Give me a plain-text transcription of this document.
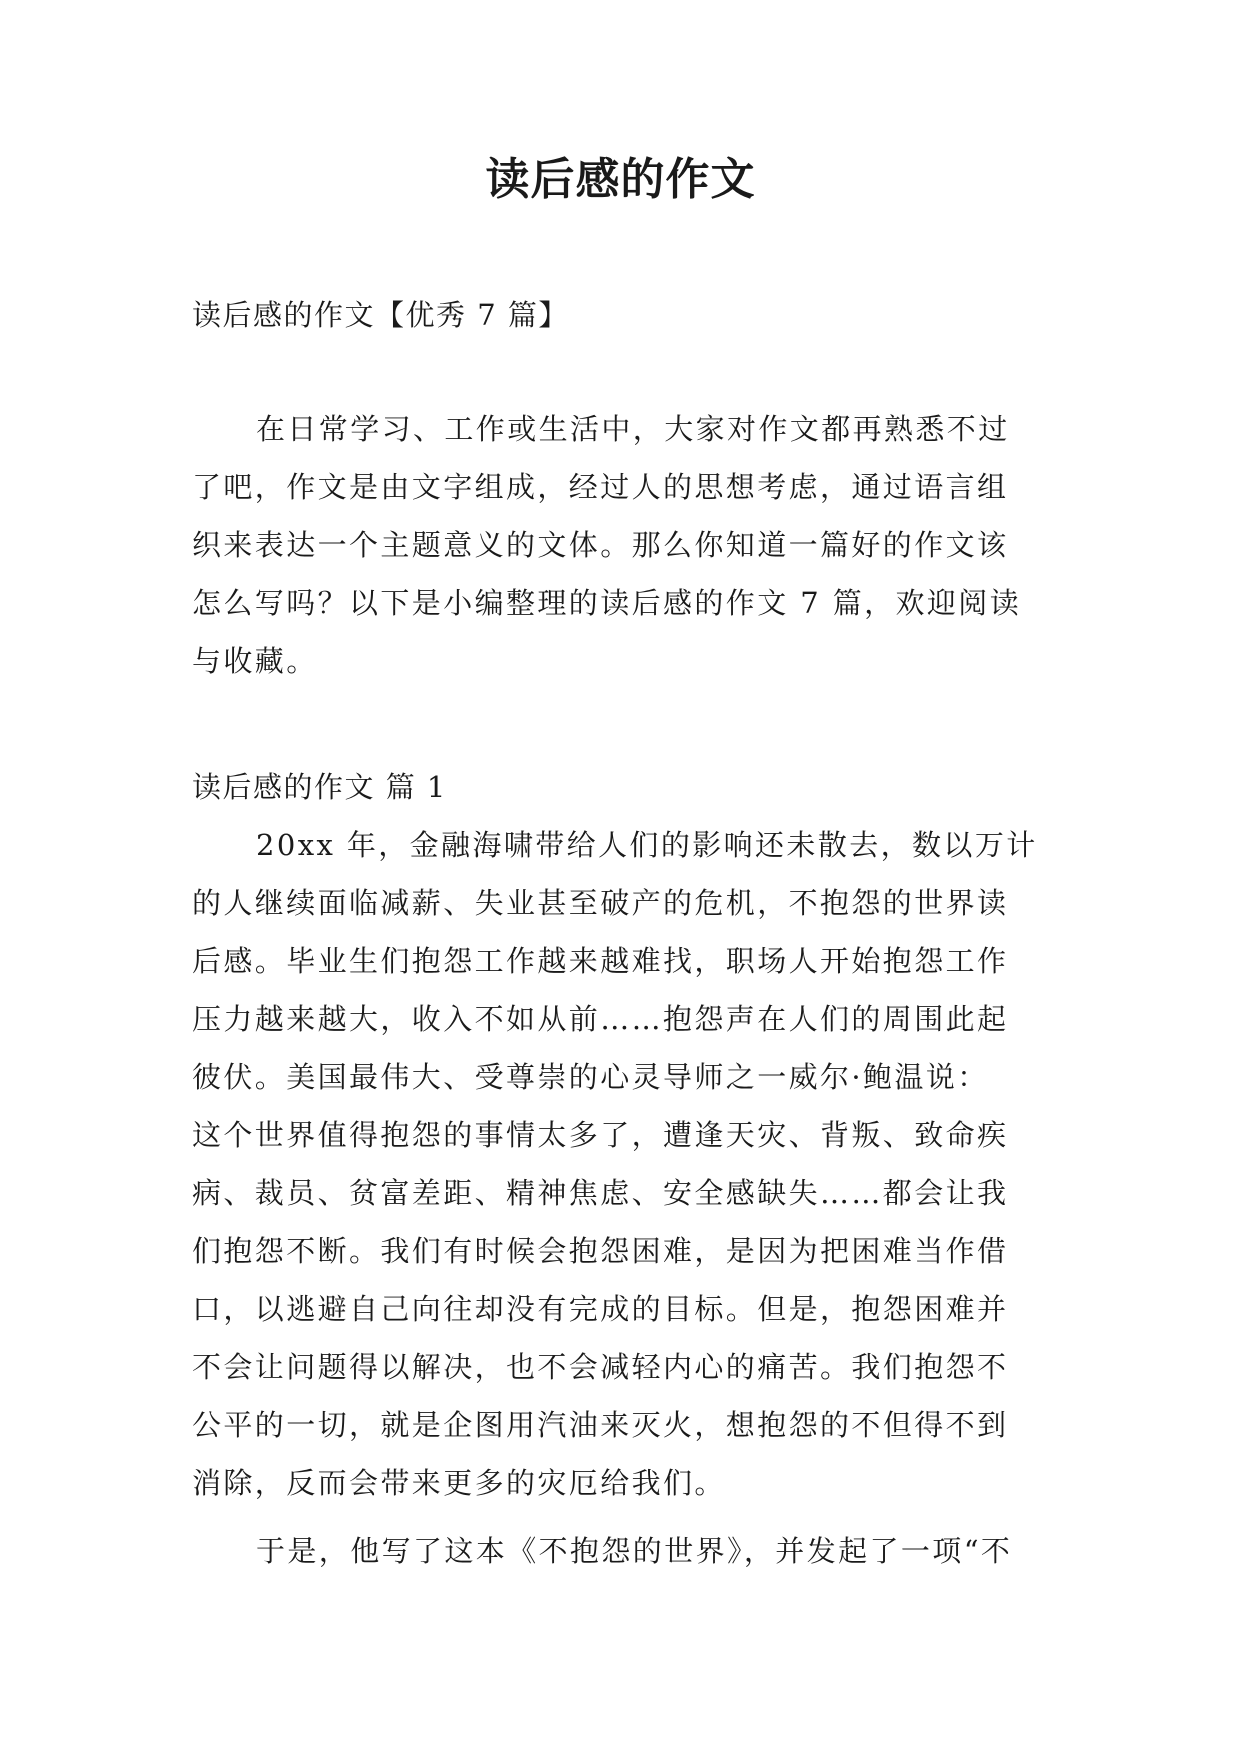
读后感的作文
读后感的作文【优秀 7 篇】
在日常学习、工作或生活中，大家对作文都再熟悉不过
了吧，作文是由文字组成，经过人的思想考虑，通过语言组
织来表达一个主题意义的文体。那么你知道一篇好的作文该
怎么写吗？以下是小编整理的读后感的作文 7 篇，欢迎阅读
与收藏。
读后感的作文 篇 1
20xx 年，金融海啸带给人们的影响还未散去，数以万计
的人继续面临减薪、失业甚至破产的危机，不抱怨的世界读
后感。毕业生们抱怨工作越来越难找，职场人开始抱怨工作
压力越来越大，收入不如从前……抱怨声在人们的周围此起
彼伏。美国最伟大、受尊崇的心灵导师之一威尔·鲍温说：
这个世界值得抱怨的事情太多了，遭逢天灾、背叛、致命疾
病、裁员、贫富差距、精神焦虑、安全感缺失……都会让我
们抱怨不断。我们有时候会抱怨困难，是因为把困难当作借
口，以逃避自己向往却没有完成的目标。但是，抱怨困难并
不会让问题得以解决，也不会减轻内心的痛苦。我们抱怨不
公平的一切，就是企图用汽油来灭火，想抱怨的不但得不到
消除，反而会带来更多的灾厄给我们。
于是，他写了这本《不抱怨的世界》，并发起了一项“不
